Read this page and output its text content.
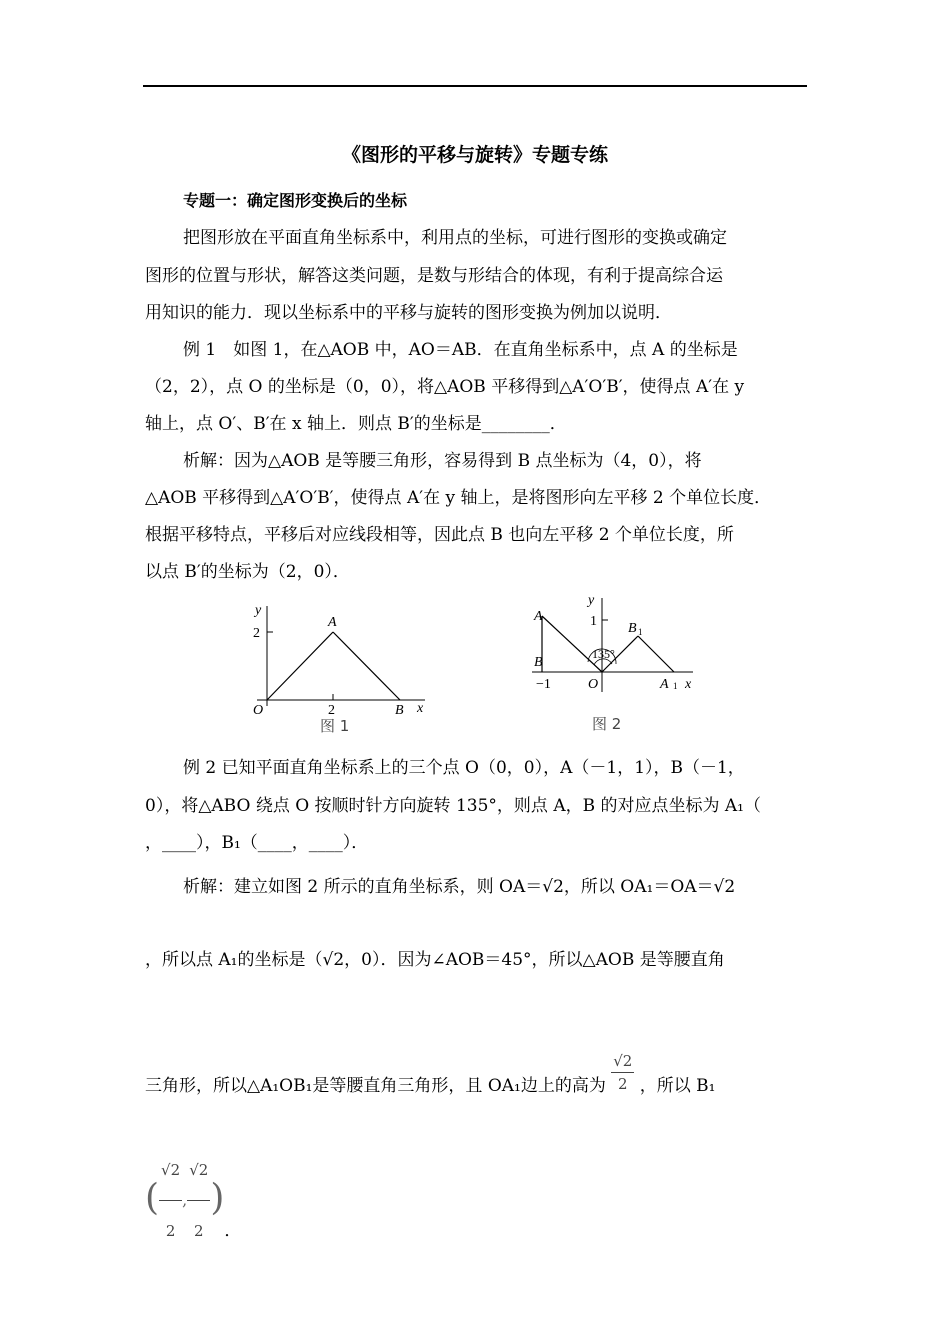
《图形的平移与旋转》专题专练
专题一：确定图形变换后的坐标
把图形放在平面直角坐标系中，利用点的坐标，可进行图形的变换或确定
图形的位置与形状，解答这类问题，是数与形结合的体现，有利于提高综合运
用知识的能力．现以坐标系中的平移与旋转的图形变换为例加以说明．
例 1　如图 1，在△AOB 中，AO＝AB．在直角坐标系中，点 A 的坐标是
（2，2），点 O 的坐标是（0，0），将△AOB 平移得到△A′O′B′，使得点 A′在 y
轴上，点 O′、B′在 x 轴上．则点 B′的坐标是________．
析解：因为△AOB 是等腰三角形，容易得到 B 点坐标为（4，0），将
△AOB 平移得到△A′O′B′，使得点 A′在 y 轴上，是将图形向左平移 2 个单位长度．
根据平移特点，平移后对应线段相等，因此点 B 也向左平移 2 个单位长度，所
以点 B′的坐标为（2，0）．
y
2
A
2
O	B x
图 1
y
1
A
B
B 1
135°
−1	O	A 1 x
图 2
例 2 已知平面直角坐标系上的三个点 O（0，0），A（－1，1），B（－1，
0），将△ABO 绕点 O 按顺时针方向旋转 135°，则点 A，B 的对应点坐标为 A₁（
，____），B₁（____，____）．
析解：建立如图 2 所示的直角坐标系，则 OA＝√2，所以 OA₁＝OA＝√2
，所以点 A₁的坐标是（√2，0）．因为∠AOB＝45°，所以△AOB 是等腰直角
三角形，所以△A₁OB₁是等腰直角三角形，且 OA₁边上的高为 $\frac{√2}{2}$ ，所以 B₁
( $\frac{√2}{2}$ , $\frac{√2}{2}$ )．
